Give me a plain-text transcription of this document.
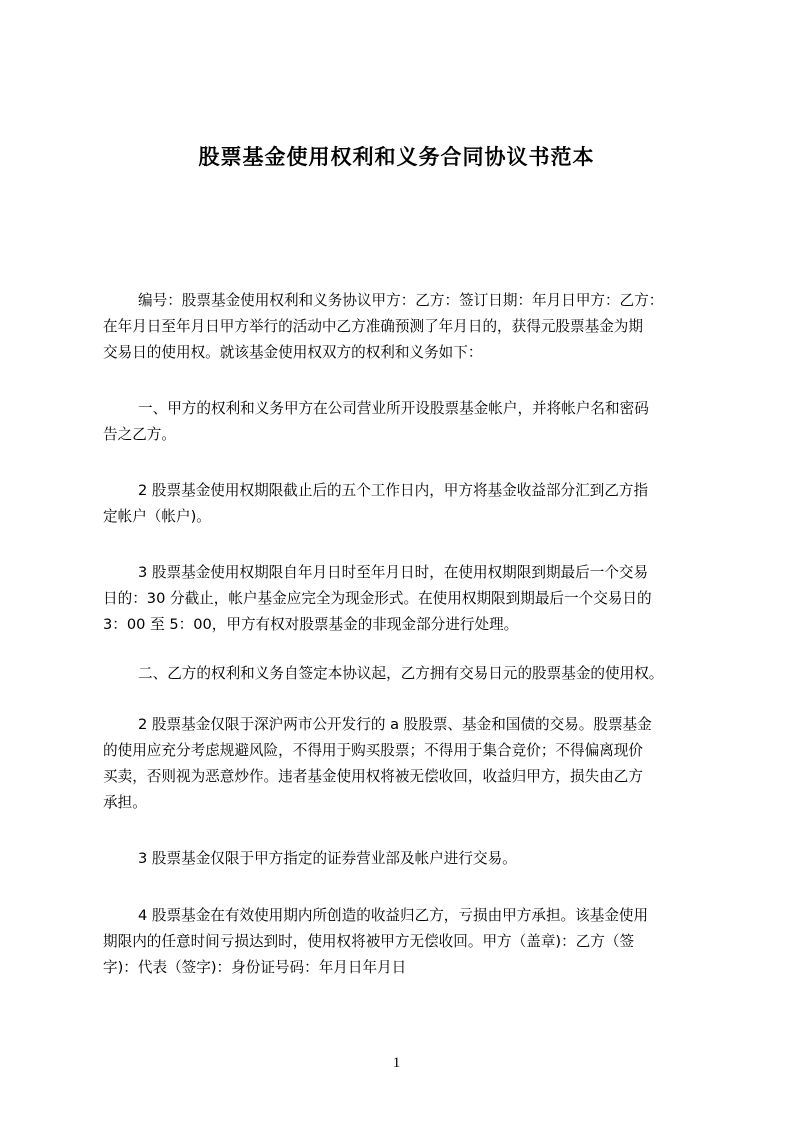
股票基金使用权利和义务合同协议书范本
编号：股票基金使用权利和义务协议甲方：乙方：签订日期：年月日甲方：乙方：
在年月日至年月日甲方举行的活动中乙方准确预测了年月日的，获得元股票基金为期
交易日的使用权。就该基金使用权双方的权利和义务如下：
一、甲方的权利和义务甲方在公司营业所开设股票基金帐户，并将帐户名和密码
告之乙方。
2 股票基金使用权期限截止后的五个工作日内，甲方将基金收益部分汇到乙方指
定帐户（帐户)。
3 股票基金使用权期限自年月日时至年月日时，在使用权期限到期最后一个交易
日的：30 分截止，帐户基金应完全为现金形式。在使用权期限到期最后一个交易日的
3：00 至 5：00，甲方有权对股票基金的非现金部分进行处理。
二、乙方的权利和义务自签定本协议起，乙方拥有交易日元的股票基金的使用权。
2 股票基金仅限于深沪两市公开发行的 a 股股票、基金和国债的交易。股票基金
的使用应充分考虑规避风险，不得用于购买股票；不得用于集合竞价；不得偏离现价
买卖，否则视为恶意炒作。违者基金使用权将被无偿收回，收益归甲方，损失由乙方
承担。
3 股票基金仅限于甲方指定的证券营业部及帐户进行交易。
4 股票基金在有效使用期内所创造的收益归乙方，亏损由甲方承担。该基金使用
期限内的任意时间亏损达到时，使用权将被甲方无偿收回。甲方（盖章)：乙方（签
字)：代表（签字)：身份证号码：年月日年月日
1
